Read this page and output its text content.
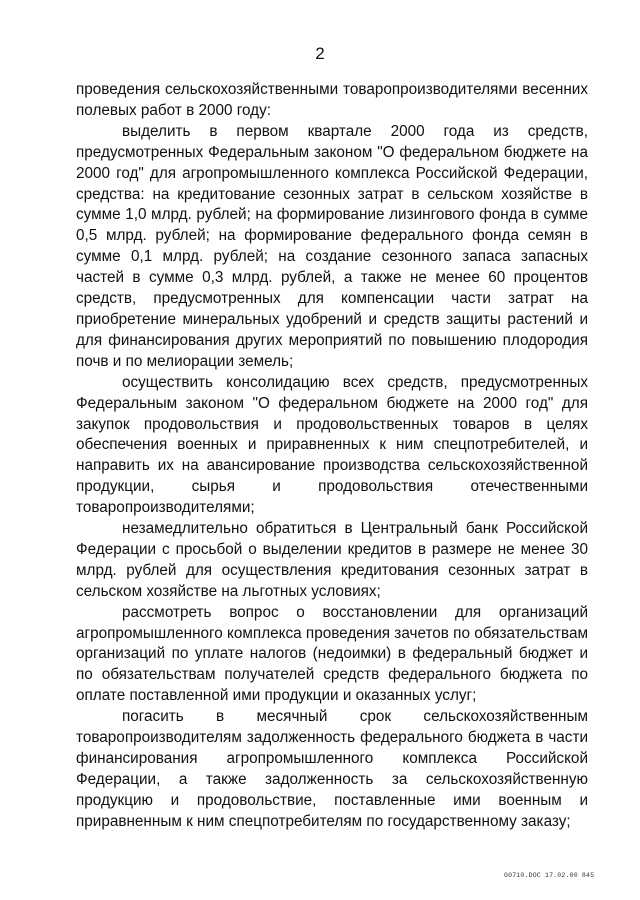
2

проведения сельскохозяйственными товаропроизводителями весенних полевых работ в 2000 году:

выделить в первом квартале 2000 года из средств, предусмотренных Федеральным законом "О федеральном бюджете на 2000 год" для агропромышленного комплекса Российской Федерации, средства: на кредитование сезонных затрат в сельском хозяйстве в сумме 1,0 млрд. рублей; на формирование лизингового фонда в сумме 0,5 млрд. рублей; на формирование федерального фонда семян в сумме 0,1 млрд. рублей; на создание сезонного запаса запасных частей в сумме 0,3 млрд. рублей, а также не менее 60 процентов средств, предусмотренных для компенсации части затрат на приобретение минеральных удобрений и средств защиты растений и для финансирования других мероприятий по повышению плодородия почв и по мелиорации земель;

осуществить консолидацию всех средств, предусмотренных Федеральным законом "О федеральном бюджете на 2000 год" для закупок продовольствия и продовольственных товаров в целях обеспечения военных и приравненных к ним спецпотребителей, и направить их на авансирование производства сельскохозяйственной продукции, сырья и продовольствия отечественными товаропроизводителями;

незамедлительно обратиться в Центральный банк Российской Федерации с просьбой о выделении кредитов в размере не менее 30 млрд. рублей для осуществления кредитования сезонных затрат в сельском хозяйстве на льготных условиях;

рассмотреть вопрос о восстановлении для организаций агропромышленного комплекса проведения зачетов по обязательствам организаций по уплате налогов (недоимки) в федеральный бюджет и по обязательствам получателей средств федерального бюджета по оплате поставленной ими продукции и оказанных услуг;

погасить в месячный срок сельскохозяйственным товаропроизводителям задолженность федерального бюджета в части финансирования агропромышленного комплекса Российской Федерации, а также задолженность за сельскохозяйственную продукцию и продовольствие, поставленные ими военным и приравненным к ним спецпотребителям по государственному заказу;

G0710.DOC 17.02.00 845
